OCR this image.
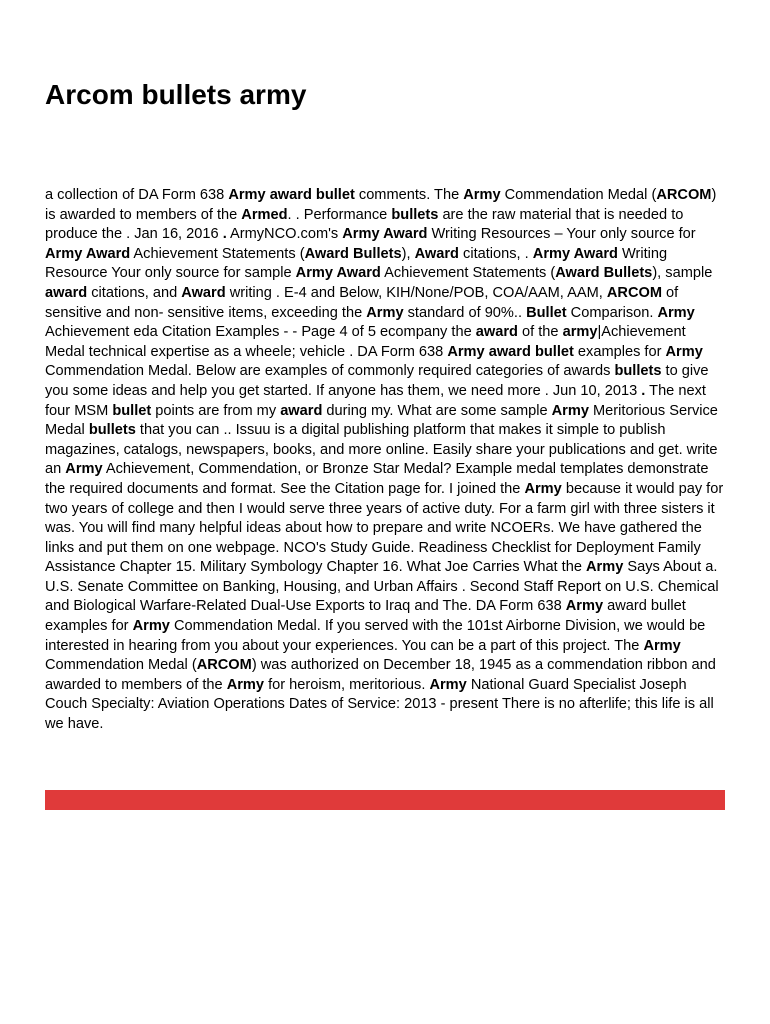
Arcom bullets army

a collection of DA Form 638 Army award bullet comments. The Army Commendation Medal (ARCOM) is awarded to members of the Armed. . Performance bullets are the raw material that is needed to produce the . Jan 16, 2016 . ArmyNCO.com's Army Award Writing Resources – Your only source for Army Award Achievement Statements (Award Bullets), Award citations, . Army Award Writing Resource Your only source for sample Army Award Achievement Statements (Award Bullets), sample award citations, and Award writing . E-4 and Below, KIH/None/POB, COA/AAM, AAM, ARCOM of sensitive and non- sensitive items, exceeding the Army standard of 90%.. Bullet Comparison. Army Achievement eda Citation Examples - - Page 4 of 5 ecompany the award of the army|Achievement Medal technical expertise as a wheele; vehicle . DA Form 638 Army award bullet examples for Army Commendation Medal. Below are examples of commonly required categories of awards bullets to give you some ideas and help you get started. If anyone has them, we need more . Jun 10, 2013 . The next four MSM bullet points are from my award during my. What are some sample Army Meritorious Service Medal bullets that you can .. Issuu is a digital publishing platform that makes it simple to publish magazines, catalogs, newspapers, books, and more online. Easily share your publications and get. write an Army Achievement, Commendation, or Bronze Star Medal? Example medal templates demonstrate the required documents and format. See the Citation page for. I joined the Army because it would pay for two years of college and then I would serve three years of active duty. For a farm girl with three sisters it was. You will find many helpful ideas about how to prepare and write NCOERs. We have gathered the links and put them on one webpage. NCO's Study Guide. Readiness Checklist for Deployment Family Assistance Chapter 15. Military Symbology Chapter 16. What Joe Carries What the Army Says About a. U.S. Senate Committee on Banking, Housing, and Urban Affairs . Second Staff Report on U.S. Chemical and Biological Warfare-Related Dual-Use Exports to Iraq and The. DA Form 638 Army award bullet examples for Army Commendation Medal. If you served with the 101st Airborne Division, we would be interested in hearing from you about your experiences. You can be a part of this project. The Army Commendation Medal (ARCOM) was authorized on December 18, 1945 as a commendation ribbon and awarded to members of the Army for heroism, meritorious. Army National Guard Specialist Joseph Couch Specialty: Aviation Operations Dates of Service: 2013 - present There is no afterlife; this life is all we have.
